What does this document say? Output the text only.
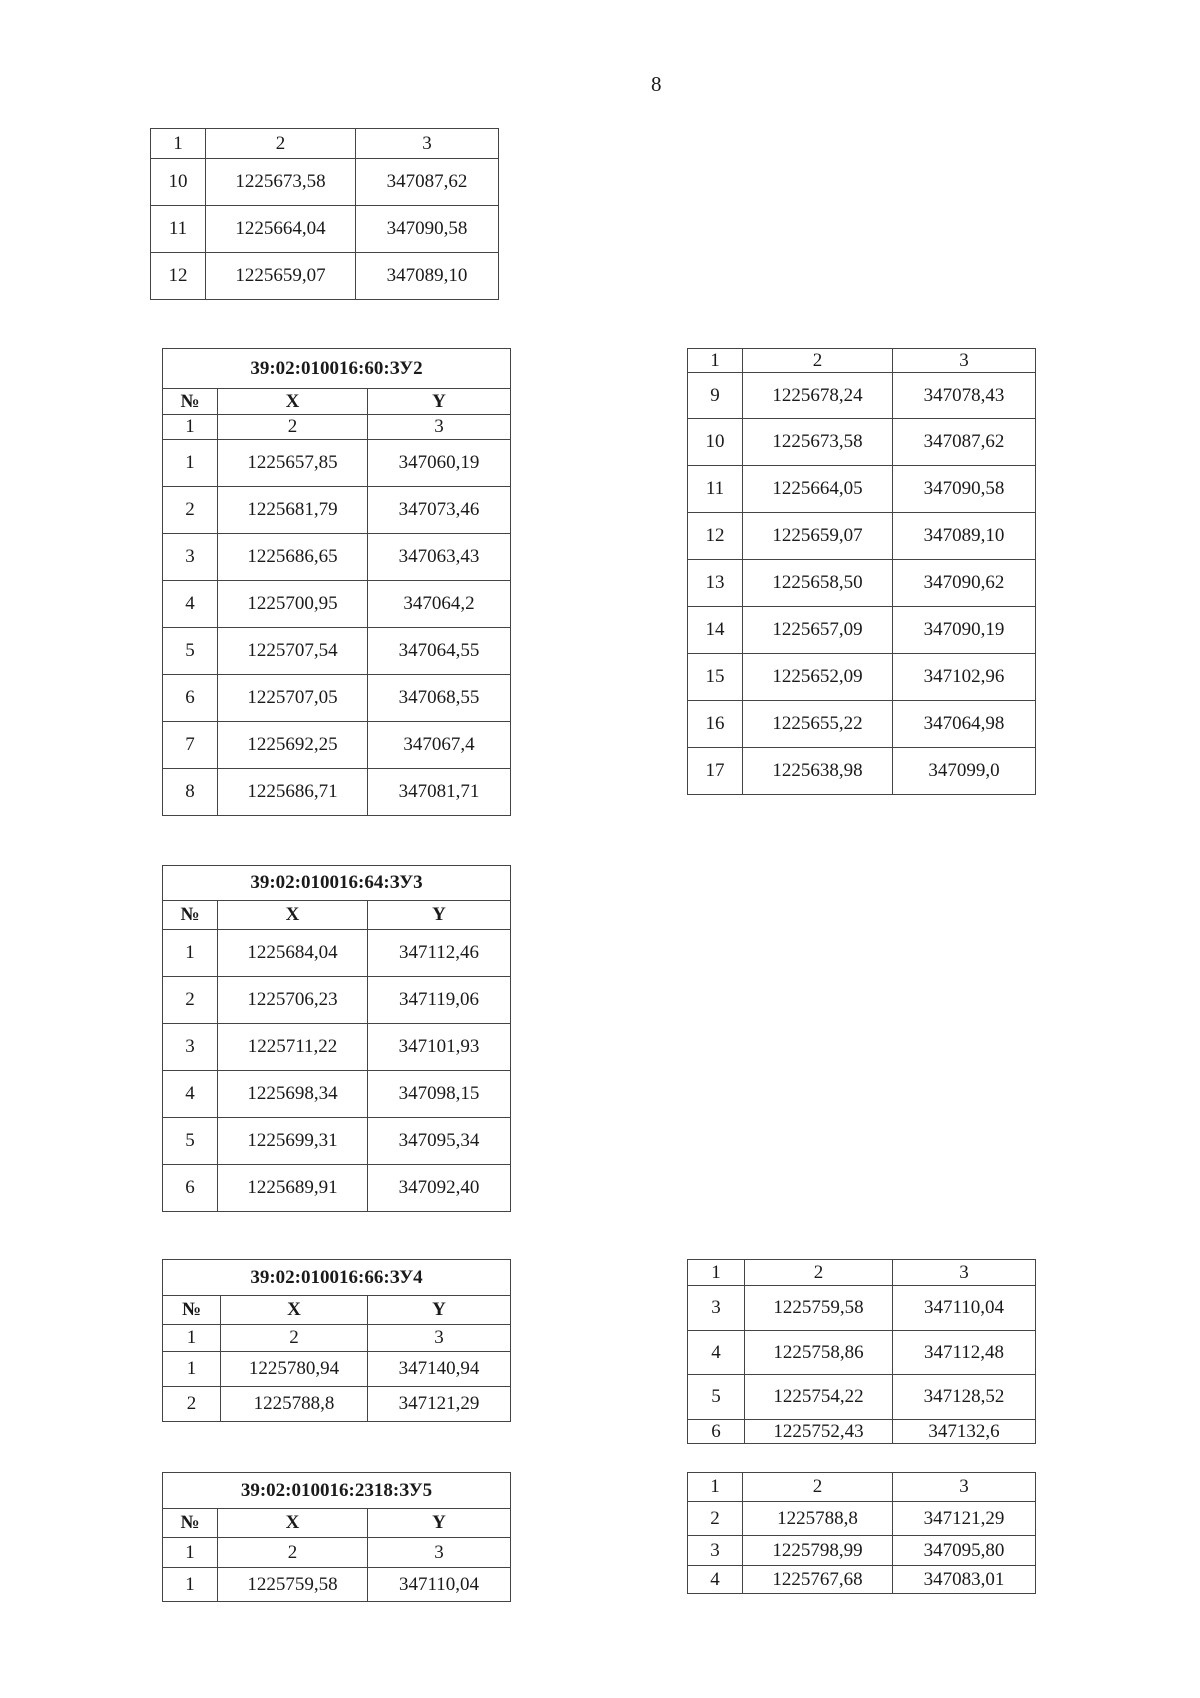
8
1	2	3
10	1225673,58	347087,62
11	1225664,04	347090,58
12	1225659,07	347089,10
39:02:010016:60:ЗУ2		
№	X	Y
1	2	3
1	1225657,85	347060,19
2	1225681,79	347073,46
3	1225686,65	347063,43
4	1225700,95	347064,2
5	1225707,54	347064,55
6	1225707,05	347068,55
7	1225692,25	347067,4
8	1225686,71	347081,71
1	2	3
9	1225678,24	347078,43
10	1225673,58	347087,62
11	1225664,05	347090,58
12	1225659,07	347089,10
13	1225658,50	347090,62
14	1225657,09	347090,19
15	1225652,09	347102,96
16	1225655,22	347064,98
17	1225638,98	347099,0
39:02:010016:64:ЗУ3		
№	X	Y
1	1225684,04	347112,46
2	1225706,23	347119,06
3	1225711,22	347101,93
4	1225698,34	347098,15
5	1225699,31	347095,34
6	1225689,91	347092,40
39:02:010016:66:ЗУ4		
№	X	Y
1	2	3
1	1225780,94	347140,94
2	1225788,8	347121,29
1	2	3
3	1225759,58	347110,04
4	1225758,86	347112,48
5	1225754,22	347128,52
6	1225752,43	347132,6
39:02:010016:2318:ЗУ5		
№	X	Y
1	2	3
1	1225759,58	347110,04
1	2	3
2	1225788,8	347121,29
3	1225798,99	347095,80
4	1225767,68	347083,01
